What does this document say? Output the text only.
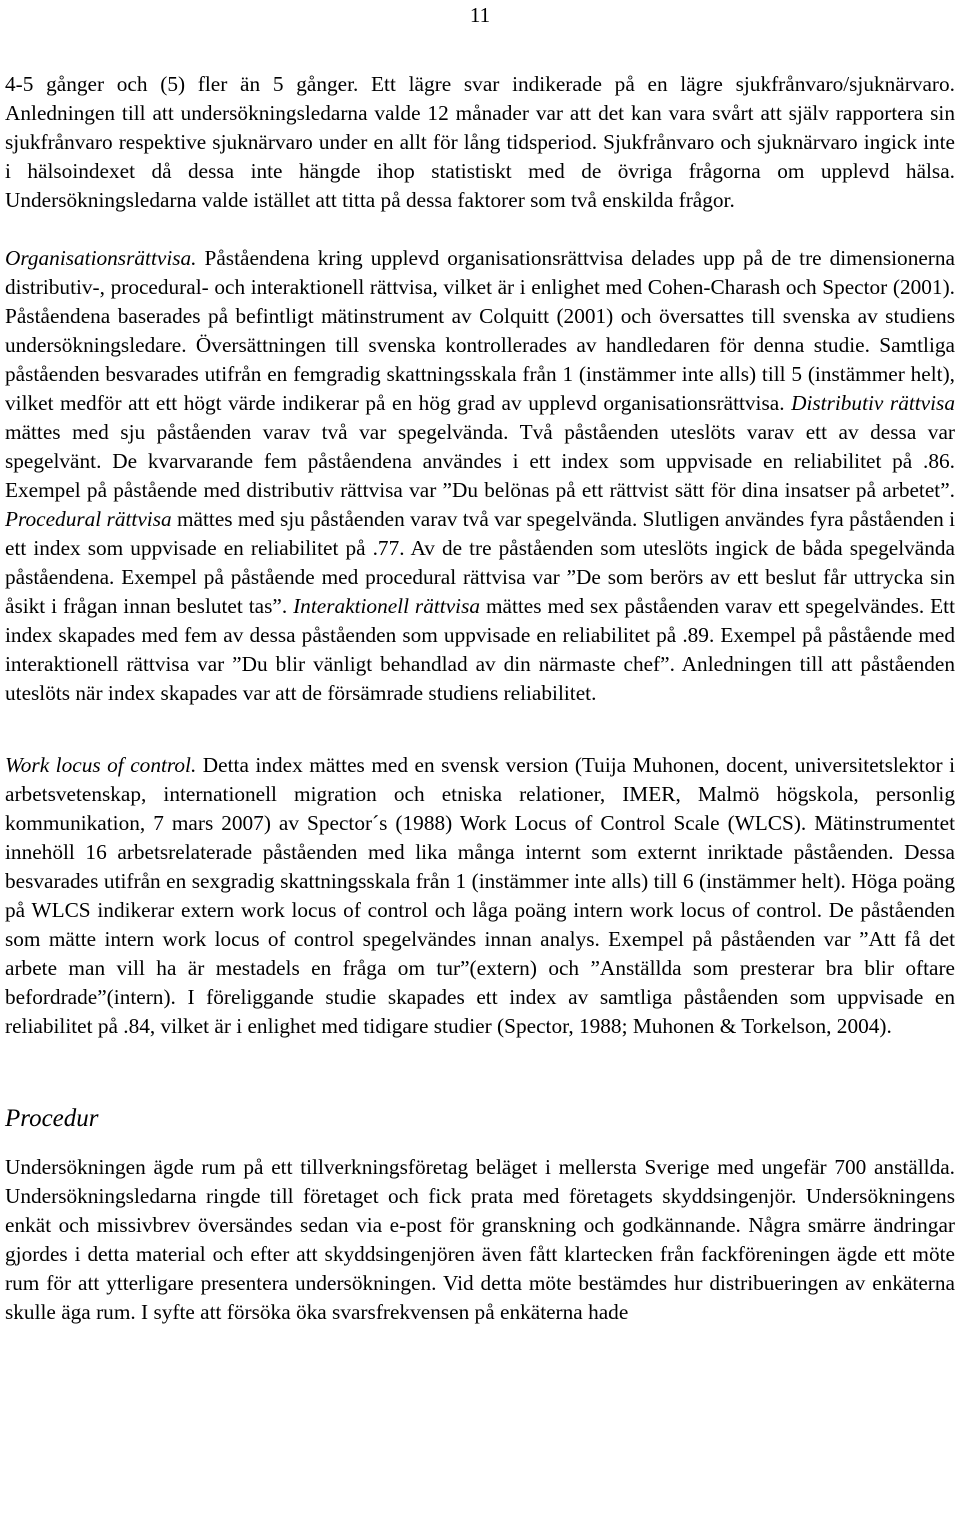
11

4-5 gånger och (5) fler än 5 gånger. Ett lägre svar indikerade på en lägre sjukfrånvaro/sjuknärvaro. Anledningen till att undersökningsledarna valde 12 månader var att det kan vara svårt att själv rapportera sin sjukfrånvaro respektive sjuknärvaro under en allt för lång tidsperiod. Sjukfrånvaro och sjuknärvaro ingick inte i hälsoindexet då dessa inte hängde ihop statistiskt med de övriga frågorna om upplevd hälsa. Undersökningsledarna valde istället att titta på dessa faktorer som två enskilda frågor.

Organisationsrättvisa. Påståendena kring upplevd organisationsrättvisa delades upp på de tre dimensionerna distributiv-, procedural- och interaktionell rättvisa, vilket är i enlighet med Cohen-Charash och Spector (2001). Påståendena baserades på befintligt mätinstrument av Colquitt (2001) och översattes till svenska av studiens undersökningsledare. Översättningen till svenska kontrollerades av handledaren för denna studie. Samtliga påståenden besvarades utifrån en femgradig skattningsskala från 1 (instämmer inte alls) till 5 (instämmer helt), vilket medför att ett högt värde indikerar på en hög grad av upplevd organisationsrättvisa. Distributiv rättvisa mättes med sju påståenden varav två var spegelvända. Två påståenden uteslöts varav ett av dessa var spegelvänt. De kvarvarande fem påståendena användes i ett index som uppvisade en reliabilitet på .86. Exempel på påstående med distributiv rättvisa var ”Du belönas på ett rättvist sätt för dina insatser på arbetet”. Procedural rättvisa mättes med sju påståenden varav två var spegelvända. Slutligen användes fyra påståenden i ett index som uppvisade en reliabilitet på .77. Av de tre påståenden som uteslöts ingick de båda spegelvända påståendena. Exempel på påstående med procedural rättvisa var ”De som berörs av ett beslut får uttrycka sin åsikt i frågan innan beslutet tas”. Interaktionell rättvisa mättes med sex påståenden varav ett spegelvändes. Ett index skapades med fem av dessa påståenden som uppvisade en reliabilitet på .89. Exempel på påstående med interaktionell rättvisa var ”Du blir vänligt behandlad av din närmaste chef”. Anledningen till att påståenden uteslöts när index skapades var att de försämrade studiens reliabilitet.

Work locus of control. Detta index mättes med en svensk version (Tuija Muhonen, docent, universitetslektor i arbetsvetenskap, internationell migration och etniska relationer, IMER, Malmö högskola, personlig kommunikation, 7 mars 2007) av Spector´s (1988) Work Locus of Control Scale (WLCS). Mätinstrumentet innehöll 16 arbetsrelaterade påståenden med lika många internt som externt inriktade påståenden. Dessa besvarades utifrån en sexgradig skattningsskala från 1 (instämmer inte alls) till 6 (instämmer helt). Höga poäng på WLCS indikerar extern work locus of control och låga poäng intern work locus of control. De påståenden som mätte intern work locus of control spegelvändes innan analys. Exempel på påståenden var ”Att få det arbete man vill ha är mestadels en fråga om tur”(extern) och ”Anställda som presterar bra blir oftare befordrade”(intern). I föreliggande studie skapades ett index av samtliga påståenden som uppvisade en reliabilitet på .84, vilket är i enlighet med tidigare studier (Spector, 1988; Muhonen & Torkelson, 2004).

Procedur

Undersökningen ägde rum på ett tillverkningsföretag beläget i mellersta Sverige med ungefär 700 anställda. Undersökningsledarna ringde till företaget och fick prata med företagets skyddsingenjör. Undersökningens enkät och missivbrev översändes sedan via e-post för granskning och godkännande. Några smärre ändringar gjordes i detta material och efter att skyddsingenjören även fått klartecken från fackföreningen ägde ett möte rum för att ytterligare presentera undersökningen. Vid detta möte bestämdes hur distribueringen av enkäterna skulle äga rum. I syfte att försöka öka svarsfrekvensen på enkäterna hade
